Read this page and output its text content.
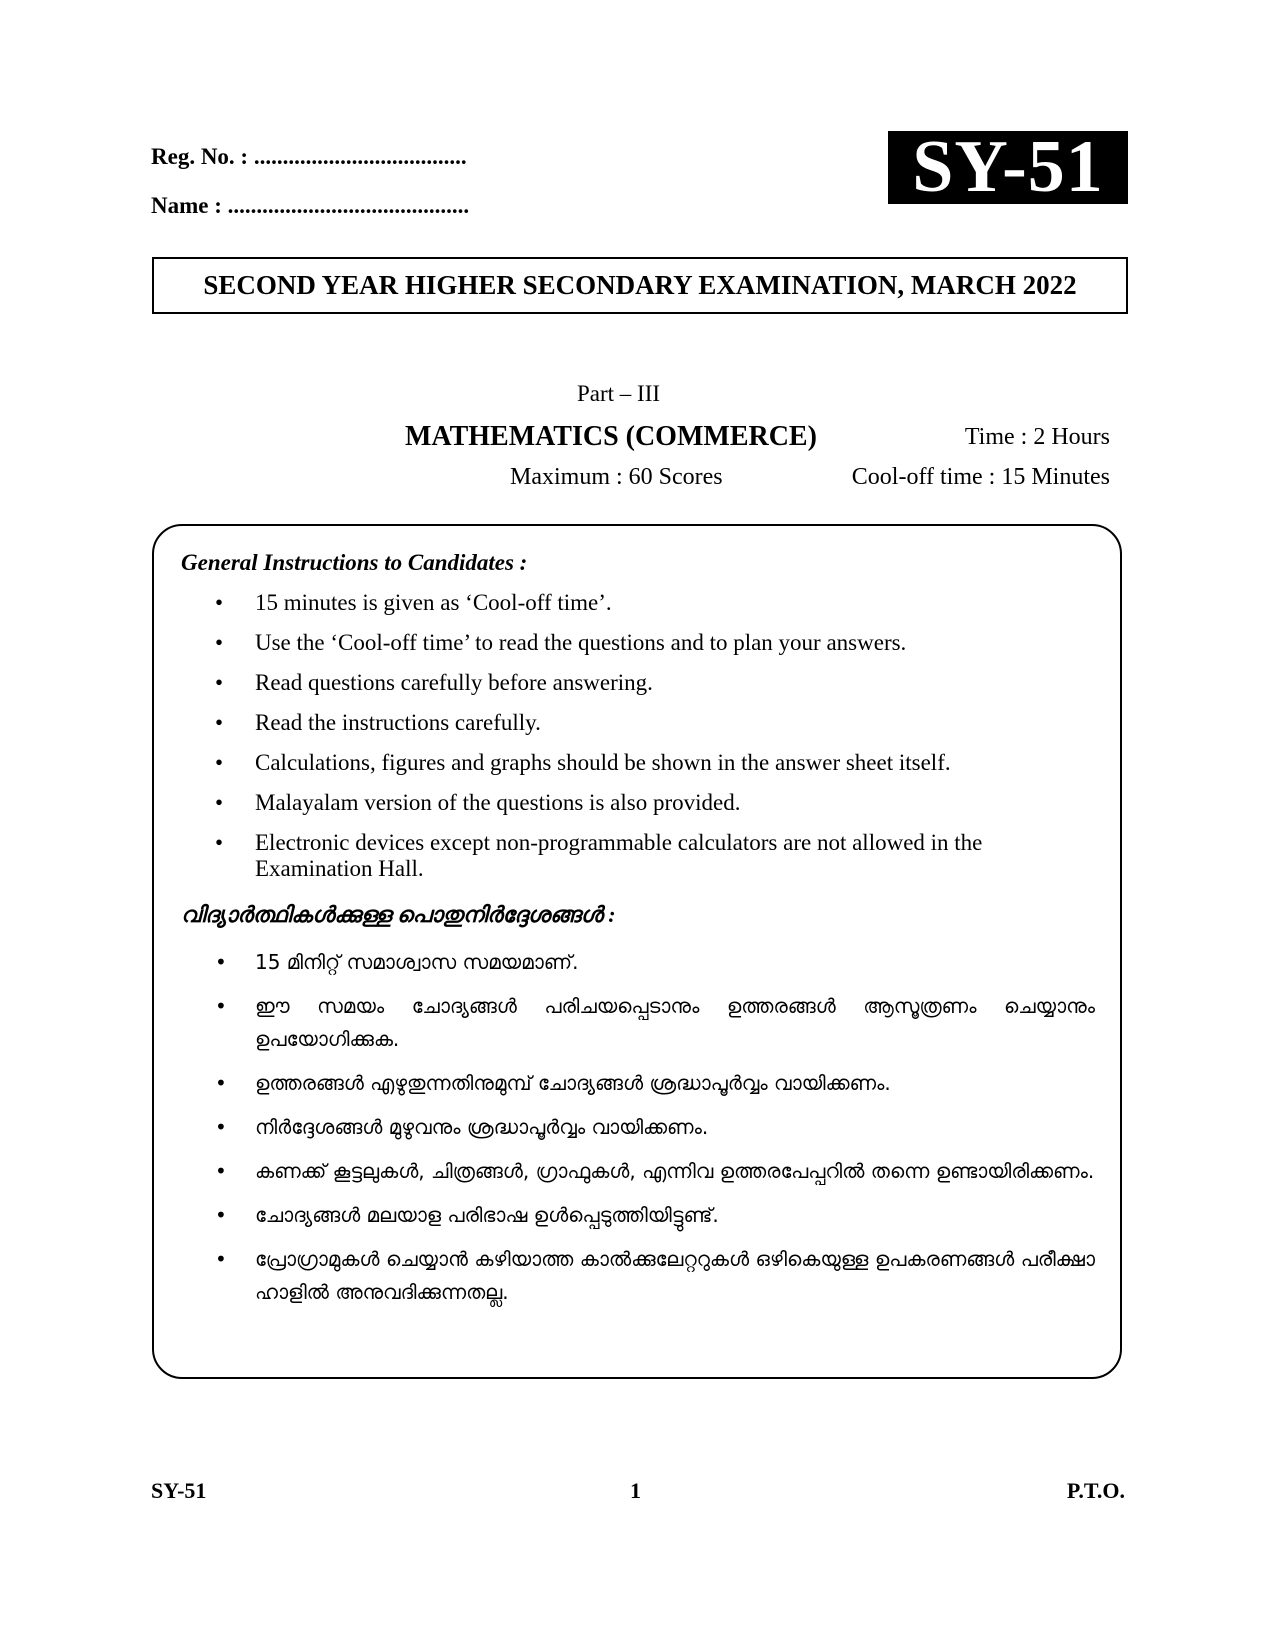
Reg. No. : .....................................
Name : ..........................................	SY-51
SECOND YEAR HIGHER SECONDARY EXAMINATION, MARCH 2022
Part – III
MATHEMATICS (COMMERCE)	Time : 2 Hours
Maximum : 60 Scores	Cool-off time : 15 Minutes
General Instructions to Candidates :
• 15 minutes is given as ‘Cool-off time’.
• Use the ‘Cool-off time’ to read the questions and to plan your answers.
• Read questions carefully before answering.
• Read the instructions carefully.
• Calculations, figures and graphs should be shown in the answer sheet itself.
• Malayalam version of the questions is also provided.
• Electronic devices except non-programmable calculators are not allowed in the Examination Hall.
വിദ്യാർത്ഥികൾക്കുള്ള പൊതുനിർദ്ദേശങ്ങൾ :
• 15 മിനിറ്റ് സമാശ്വാസ സമയമാണ്.
• ഈ സമയം ചോദ്യങ്ങൾ പരിചയപ്പെടാനും ഉത്തരങ്ങൾ ആസൂത്രണം ചെയ്യാനും ഉപയോഗിക്കുക.
• ഉത്തരങ്ങൾ എഴുതുന്നതിനുമുമ്പ് ചോദ്യങ്ങൾ ശ്രദ്ധാപൂർവ്വം വായിക്കണം.
• നിർദ്ദേശങ്ങൾ മുഴുവനും ശ്രദ്ധാപൂർവ്വം വായിക്കണം.
• കണക്ക് കൂട്ടലുകൾ, ചിത്രങ്ങൾ, ഗ്രാഫുകൾ, എന്നിവ ഉത്തരപേപ്പറിൽ തന്നെ ഉണ്ടായിരിക്കണം.
• ചോദ്യങ്ങൾ മലയാള പരിഭാഷ ഉൾപ്പെടുത്തിയിട്ടുണ്ട്.
• പ്രോഗ്രാമുകൾ ചെയ്യാൻ കഴിയാത്ത കാൽക്കുലേറ്ററുകൾ ഒഴികെയുള്ള ഉപകരണങ്ങൾ പരീക്ഷാ ഹാളിൽ അനുവദിക്കുന്നതല്ല.
SY-51	1	P.T.O.
